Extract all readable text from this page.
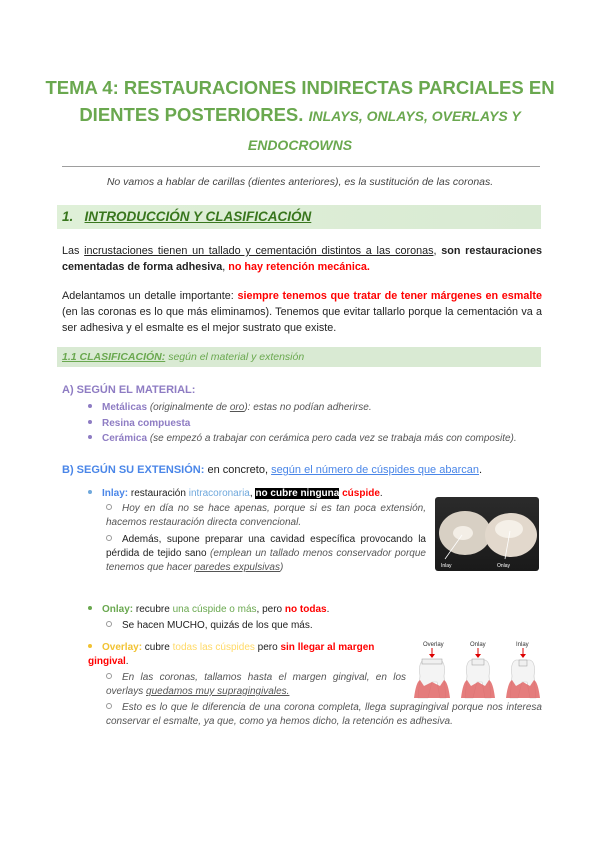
TEMA 4: RESTAURACIONES INDIRECTAS PARCIALES EN DIENTES POSTERIORES. INLAYS, ONLAYS, OVERLAYS Y
ENDOCROWNS
No vamos a hablar de carillas (dientes anteriores), es la sustitución de las coronas.
1. INTRODUCCIÓN Y CLASIFICACIÓN
Las incrustaciones tienen un tallado y cementación distintos a las coronas, son restauraciones cementadas de forma adhesiva, no hay retención mecánica.
Adelantamos un detalle importante: siempre tenemos que tratar de tener márgenes en esmalte (en las coronas es lo que más eliminamos). Tenemos que evitar tallarlo porque la cementación va a ser adhesiva y el esmalte es el mejor sustrato que existe.
1.1 CLASIFICACIÓN: según el material y extensión
A) SEGÚN EL MATERIAL:
Metálicas (originalmente de oro): estas no podían adherirse.
Resina compuesta
Cerámica (se empezó a trabajar con cerámica pero cada vez se trabaja más con composite).
B) SEGÚN SU EXTENSIÓN: en concreto, según el número de cúspides que abarcan.
Inlay: restauración intracoronaria, no cubre ninguna cúspide.
Hoy en día no se hace apenas, porque si es tan poca extensión, hacemos restauración directa convencional.
Además, supone preparar una cavidad específica provocando la pérdida de tejido sano (emplean un tallado menos conservador porque tenemos que hacer paredes expulsivas)	Inlay	Onlay
Onlay: recubre una cúspide o más, pero no todas.
Se hacen MUCHO, quizás de los que más.
Overlay: cubre todas las cúspides pero sin llegar al margen gingival.
En las coronas, tallamos hasta el margen gingival, en los overlays quedamos muy supragingivales.
Esto es lo que le diferencia de una corona completa, llega supragingival porque nos interesa conservar el esmalte, ya que, como ya hemos dicho, la retención es adhesiva.
Overlay	Onlay	Inlay
